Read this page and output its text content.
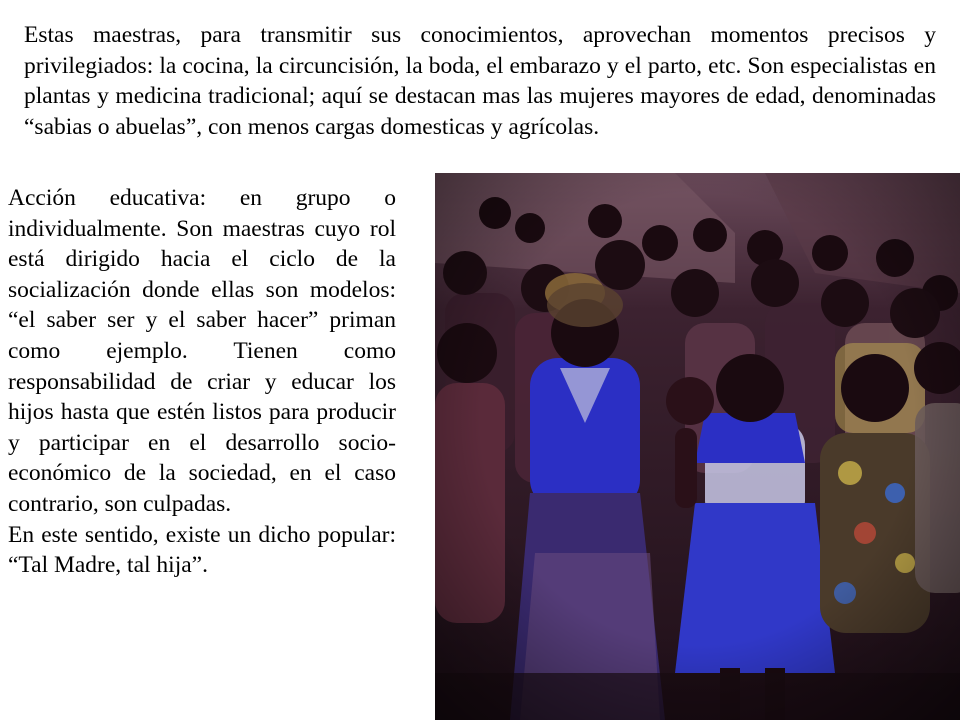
Estas maestras, para transmitir sus conocimientos, aprovechan momentos precisos y privilegiados: la cocina, la circuncisión, la boda, el embarazo y el parto, etc. Son especialistas en plantas y medicina tradicional; aquí se destacan mas las mujeres mayores de edad, denominadas “sabias o abuelas”, con menos cargas domesticas y agrícolas.

Acción educativa: en grupo o individualmente. Son maestras cuyo rol está dirigido hacia el ciclo de la socialización donde ellas son modelos: “el saber ser y el saber hacer” priman como ejemplo. Tienen como responsabilidad de criar y educar los hijos hasta que estén listos para producir y participar en el desarrollo socio-económico de la sociedad, en el caso contrario, son culpadas.

En este sentido, existe un dicho popular: “Tal Madre, tal hija”.
